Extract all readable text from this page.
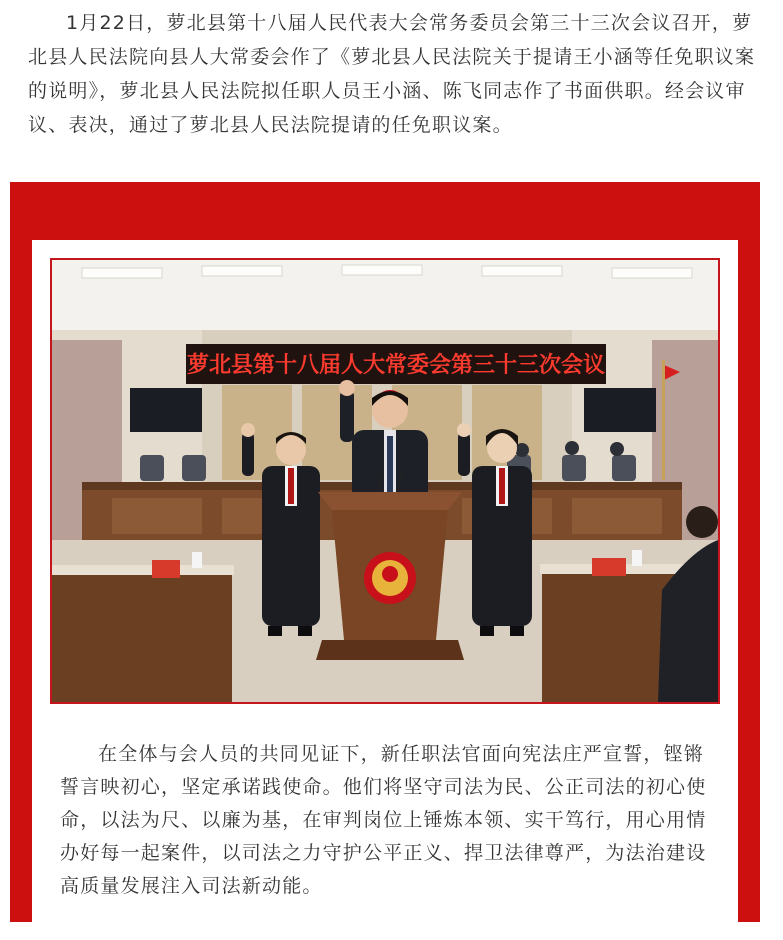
1月22日，萝北县第十八届人民代表大会常务委员会第三十三次会议召开，萝北县人民法院向县人大常委会作了《萝北县人民法院关于提请王小涵等任免职议案的说明》，萝北县人民法院拟任职人员王小涵、陈飞同志作了书面供职。经会议审议、表决，通过了萝北县人民法院提请的任免职议案。

萝北县第十八届人大常委会第三十三次会议

在全体与会人员的共同见证下，新任职法官面向宪法庄严宣誓，铿锵誓言映初心，坚定承诺践使命。他们将坚守司法为民、公正司法的初心使命，以法为尺、以廉为基，在审判岗位上锤炼本领、实干笃行，用心用情办好每一起案件，以司法之力守护公平正义、捍卫法律尊严，为法治建设高质量发展注入司法新动能。
